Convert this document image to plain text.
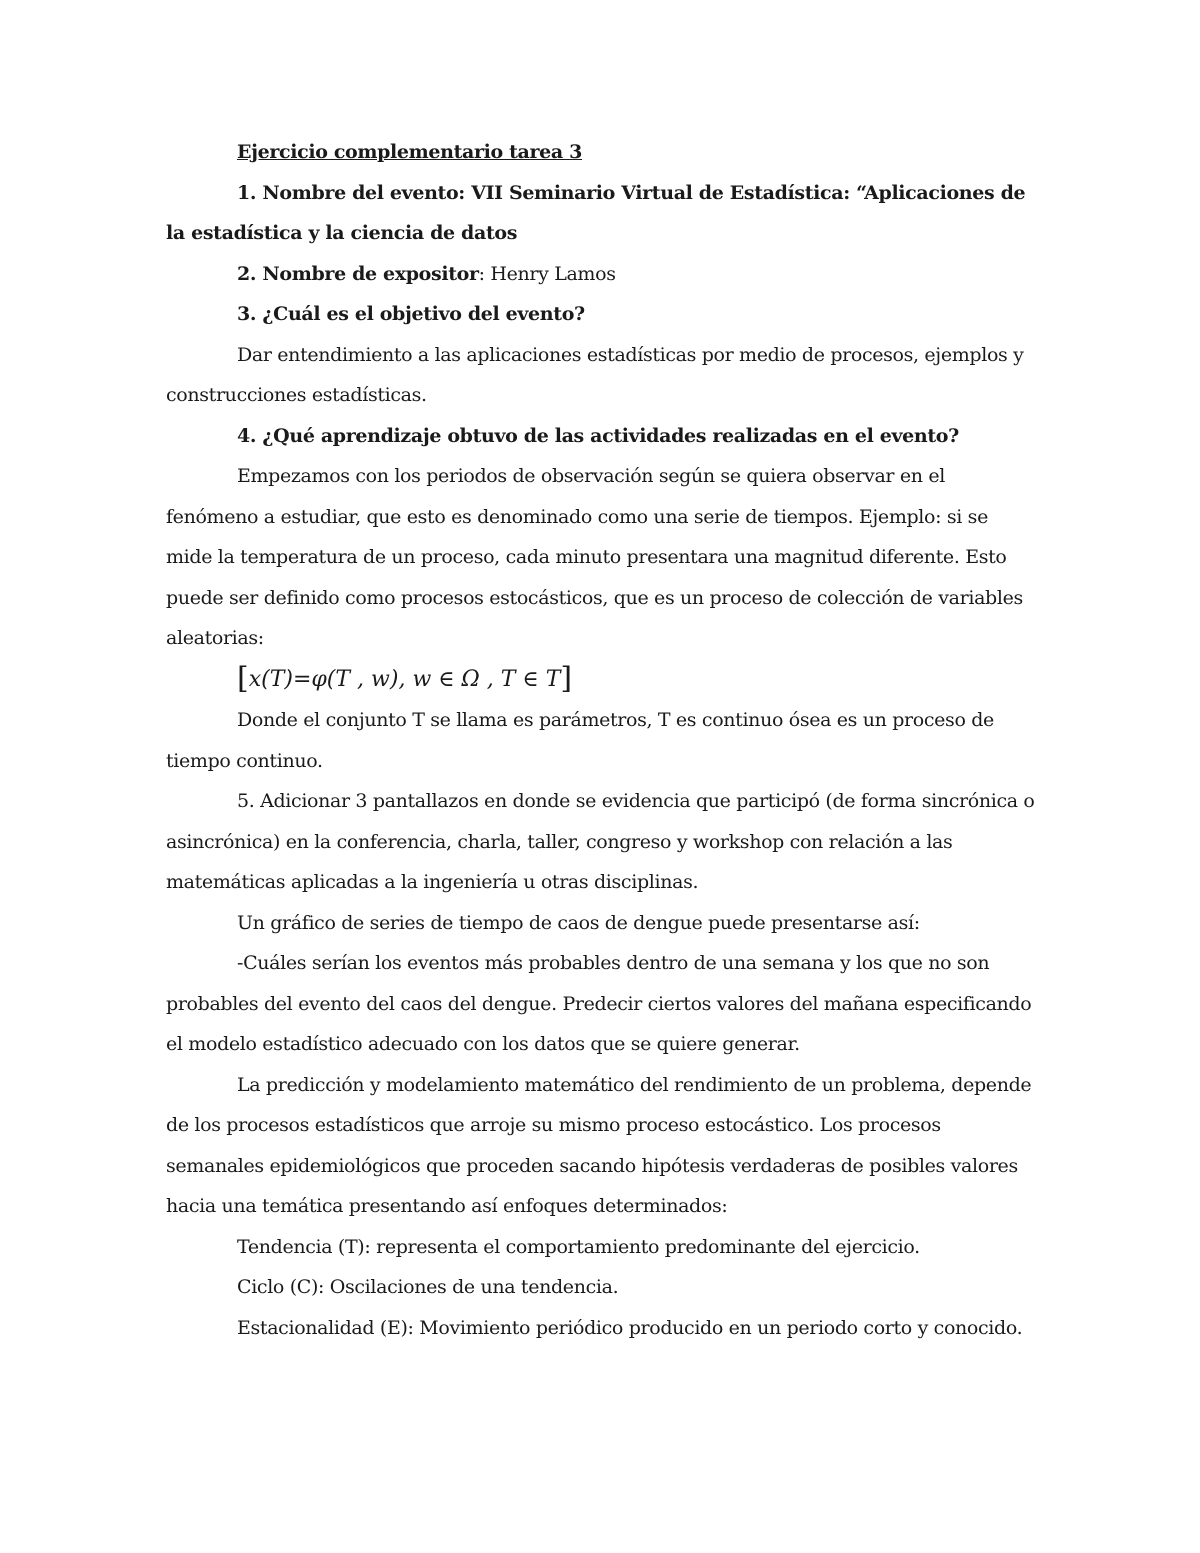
Ejercicio complementario tarea 3

1. Nombre del evento: VII Seminario Virtual de Estadística: “Aplicaciones de la estadística y la ciencia de datos

2. Nombre de expositor: Henry Lamos

3. ¿Cuál es el objetivo del evento?

Dar entendimiento a las aplicaciones estadísticas por medio de procesos, ejemplos y construcciones estadísticas.

4. ¿Qué aprendizaje obtuvo de las actividades realizadas en el evento?

Empezamos con los periodos de observación según se quiera observar en el fenómeno a estudiar, que esto es denominado como una serie de tiempos. Ejemplo: si se mide la temperatura de un proceso, cada minuto presentara una magnitud diferente. Esto puede ser definido como procesos estocásticos, que es un proceso de colección de variables aleatorias:

[x(T)=φ(T , w), w ∈ Ω , T ∈ T]

Donde el conjunto T se llama es parámetros, T es continuo ósea es un proceso de tiempo continuo.

5. Adicionar 3 pantallazos en donde se evidencia que participó (de forma sincrónica o asincrónica) en la conferencia, charla, taller, congreso y workshop con relación a las matemáticas aplicadas a la ingeniería u otras disciplinas.

Un gráfico de series de tiempo de caos de dengue puede presentarse así:

-Cuáles serían los eventos más probables dentro de una semana y los que no son probables del evento del caos del dengue. Predecir ciertos valores del mañana especificando el modelo estadístico adecuado con los datos que se quiere generar.

La predicción y modelamiento matemático del rendimiento de un problema, depende de los procesos estadísticos que arroje su mismo proceso estocástico. Los procesos semanales epidemiológicos que proceden sacando hipótesis verdaderas de posibles valores hacia una temática presentando así enfoques determinados:

Tendencia (T): representa el comportamiento predominante del ejercicio.

Ciclo (C): Oscilaciones de una tendencia.

Estacionalidad (E): Movimiento periódico producido en un periodo corto y conocido.
